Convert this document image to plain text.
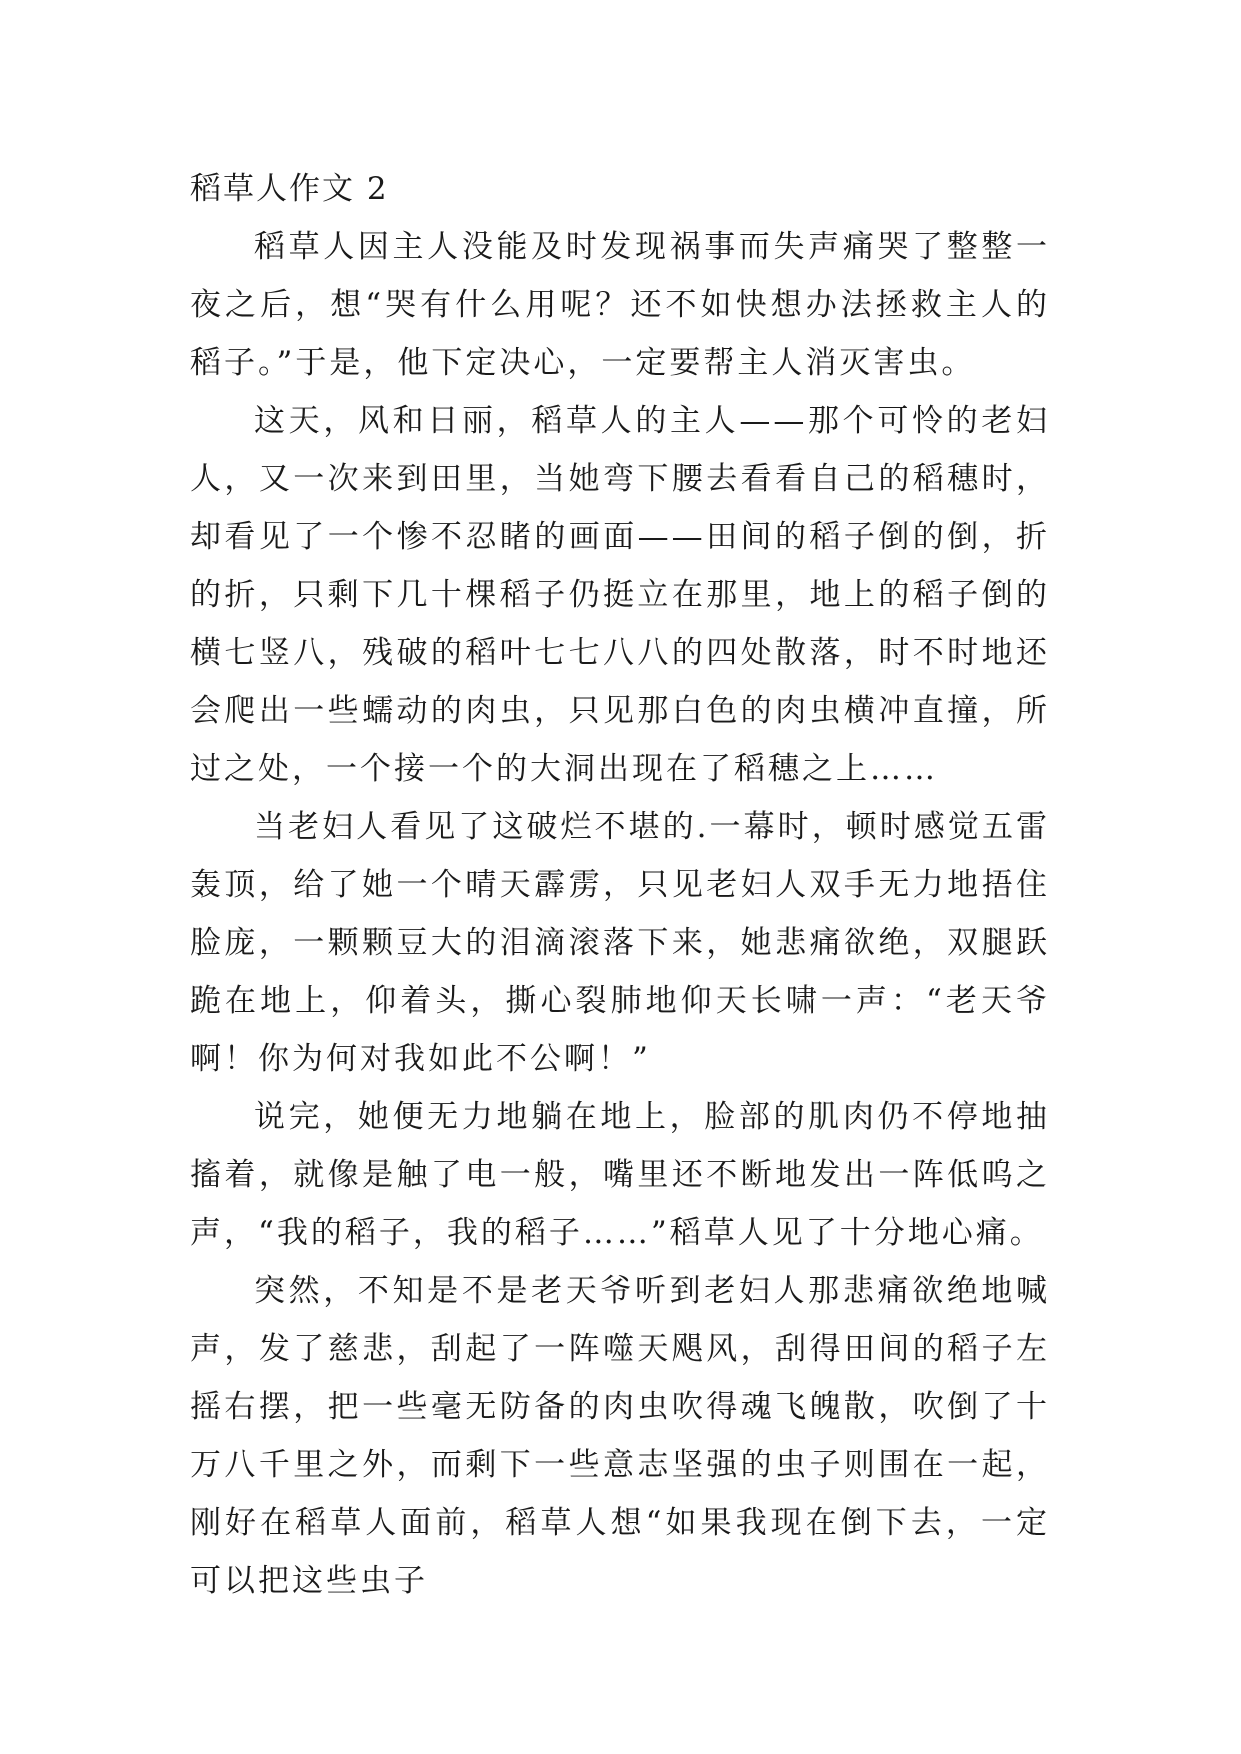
稻草人作文 2

稻草人因主人没能及时发现祸事而失声痛哭了整整一夜之后，想“哭有什么用呢？还不如快想办法拯救主人的稻子。”于是，他下定决心，一定要帮主人消灭害虫。

这天，风和日丽，稻草人的主人——那个可怜的老妇人，又一次来到田里，当她弯下腰去看看自己的稻穗时，却看见了一个惨不忍睹的画面——田间的稻子倒的倒，折的折，只剩下几十棵稻子仍挺立在那里，地上的稻子倒的横七竖八，残破的稻叶七七八八的四处散落，时不时地还会爬出一些蠕动的肉虫，只见那白色的肉虫横冲直撞，所过之处，一个接一个的大洞出现在了稻穗之上……

当老妇人看见了这破烂不堪的.一幕时，顿时感觉五雷轰顶，给了她一个晴天霹雳，只见老妇人双手无力地捂住脸庞，一颗颗豆大的泪滴滚落下来，她悲痛欲绝，双腿跃跪在地上，仰着头，撕心裂肺地仰天长啸一声：“老天爷啊！你为何对我如此不公啊！”

说完，她便无力地躺在地上，脸部的肌肉仍不停地抽搐着，就像是触了电一般，嘴里还不断地发出一阵低呜之声，“我的稻子，我的稻子……”稻草人见了十分地心痛。

突然，不知是不是老天爷听到老妇人那悲痛欲绝地喊声，发了慈悲，刮起了一阵噬天飓风，刮得田间的稻子左摇右摆，把一些毫无防备的肉虫吹得魂飞魄散，吹倒了十万八千里之外，而剩下一些意志坚强的虫子则围在一起，刚好在稻草人面前，稻草人想“如果我现在倒下去，一定可以把这些虫子
